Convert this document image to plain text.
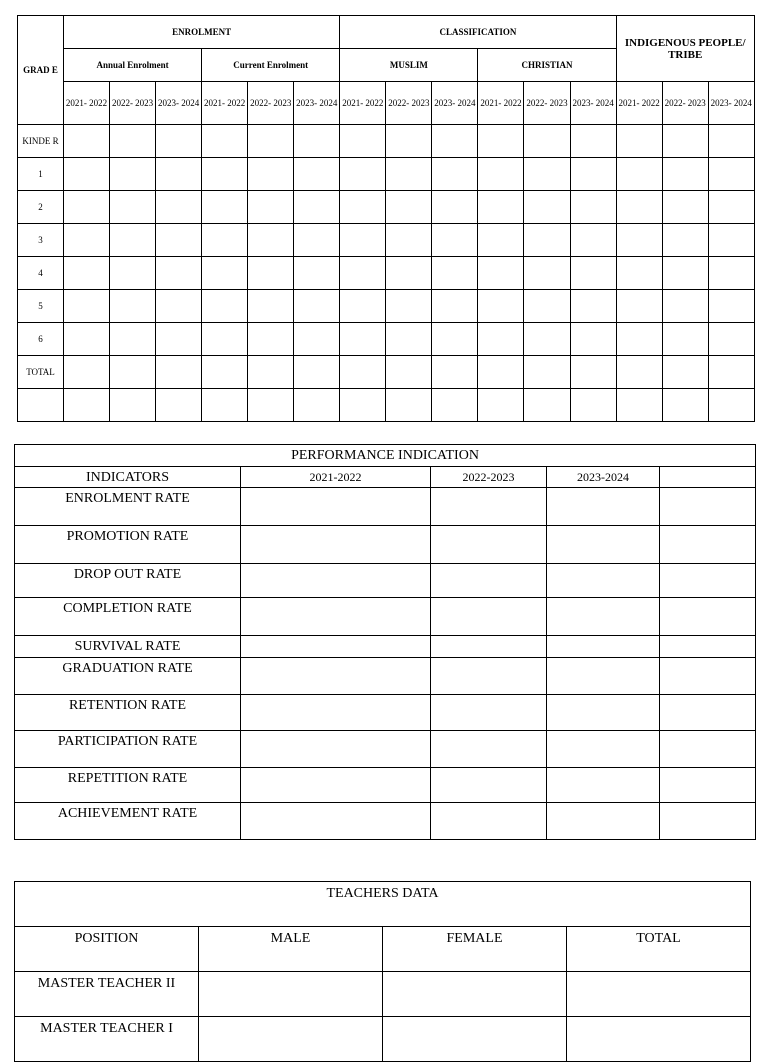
GRAD E	ENROLMENT						CLASSIFICATION						INDIGENOUS PEOPLE/ TRIBE		
	Annual Enrolment			Current Enrolment			MUSLIM			CHRISTIAN					
	2021- 2022	2022- 2023	2023- 2024	2021- 2022	2022- 2023	2023- 2024	2021- 2022	2022- 2023	2023- 2024	2021- 2022	2022- 2023	2023- 2024	2021- 2022	2022- 2023	2023- 2024
KINDE R															
1															
2															
3															
4															
5															
6															
TOTAL															

PERFORMANCE INDICATION				
INDICATORS	2021-2022	2022-2023	2023-2024	
ENROLMENT RATE				
PROMOTION RATE				
DROP OUT RATE				
COMPLETION RATE				
SURVIVAL RATE				
GRADUATION RATE				
RETENTION RATE				
PARTICIPATION RATE				
REPETITION RATE				
ACHIEVEMENT RATE				
TEACHERS DATA			
POSITION	MALE	FEMALE	TOTAL
MASTER TEACHER II			
MASTER TEACHER I			
